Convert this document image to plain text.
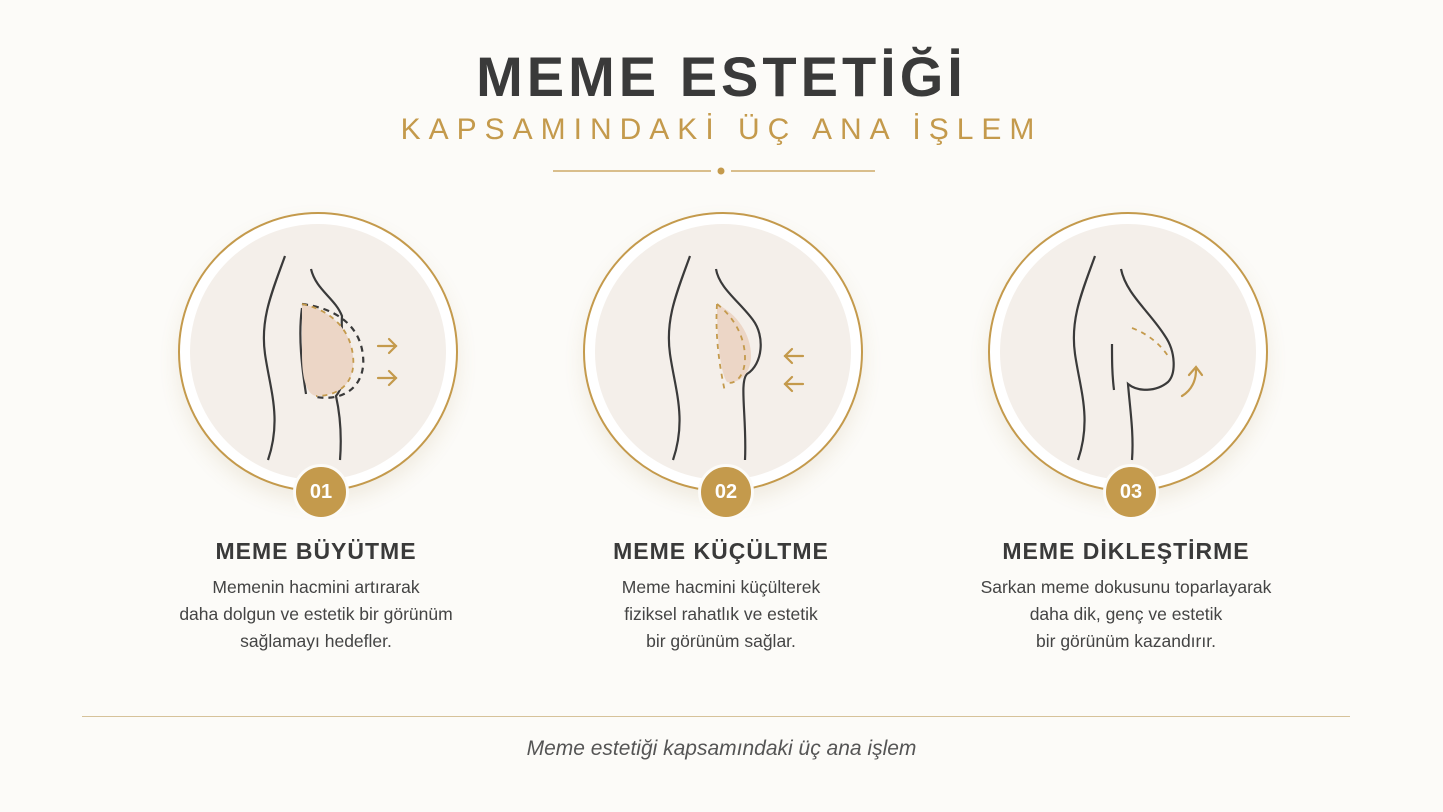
MEME ESTETİĞİ
KAPSAMINDAKİ ÜÇ ANA İŞLEM
01
MEME BÜYÜTME
Memenin hacmini artırarak
daha dolgun ve estetik bir görünüm
sağlamayı hedefler.
02
MEME KÜÇÜLTME
Meme hacmini küçülterek
fiziksel rahatlık ve estetik
bir görünüm sağlar.
03
MEME DİKLEŞTİRME
Sarkan meme dokusunu toparlayarak
daha dik, genç ve estetik
bir görünüm kazandırır.
Meme estetiği kapsamındaki üç ana işlem
